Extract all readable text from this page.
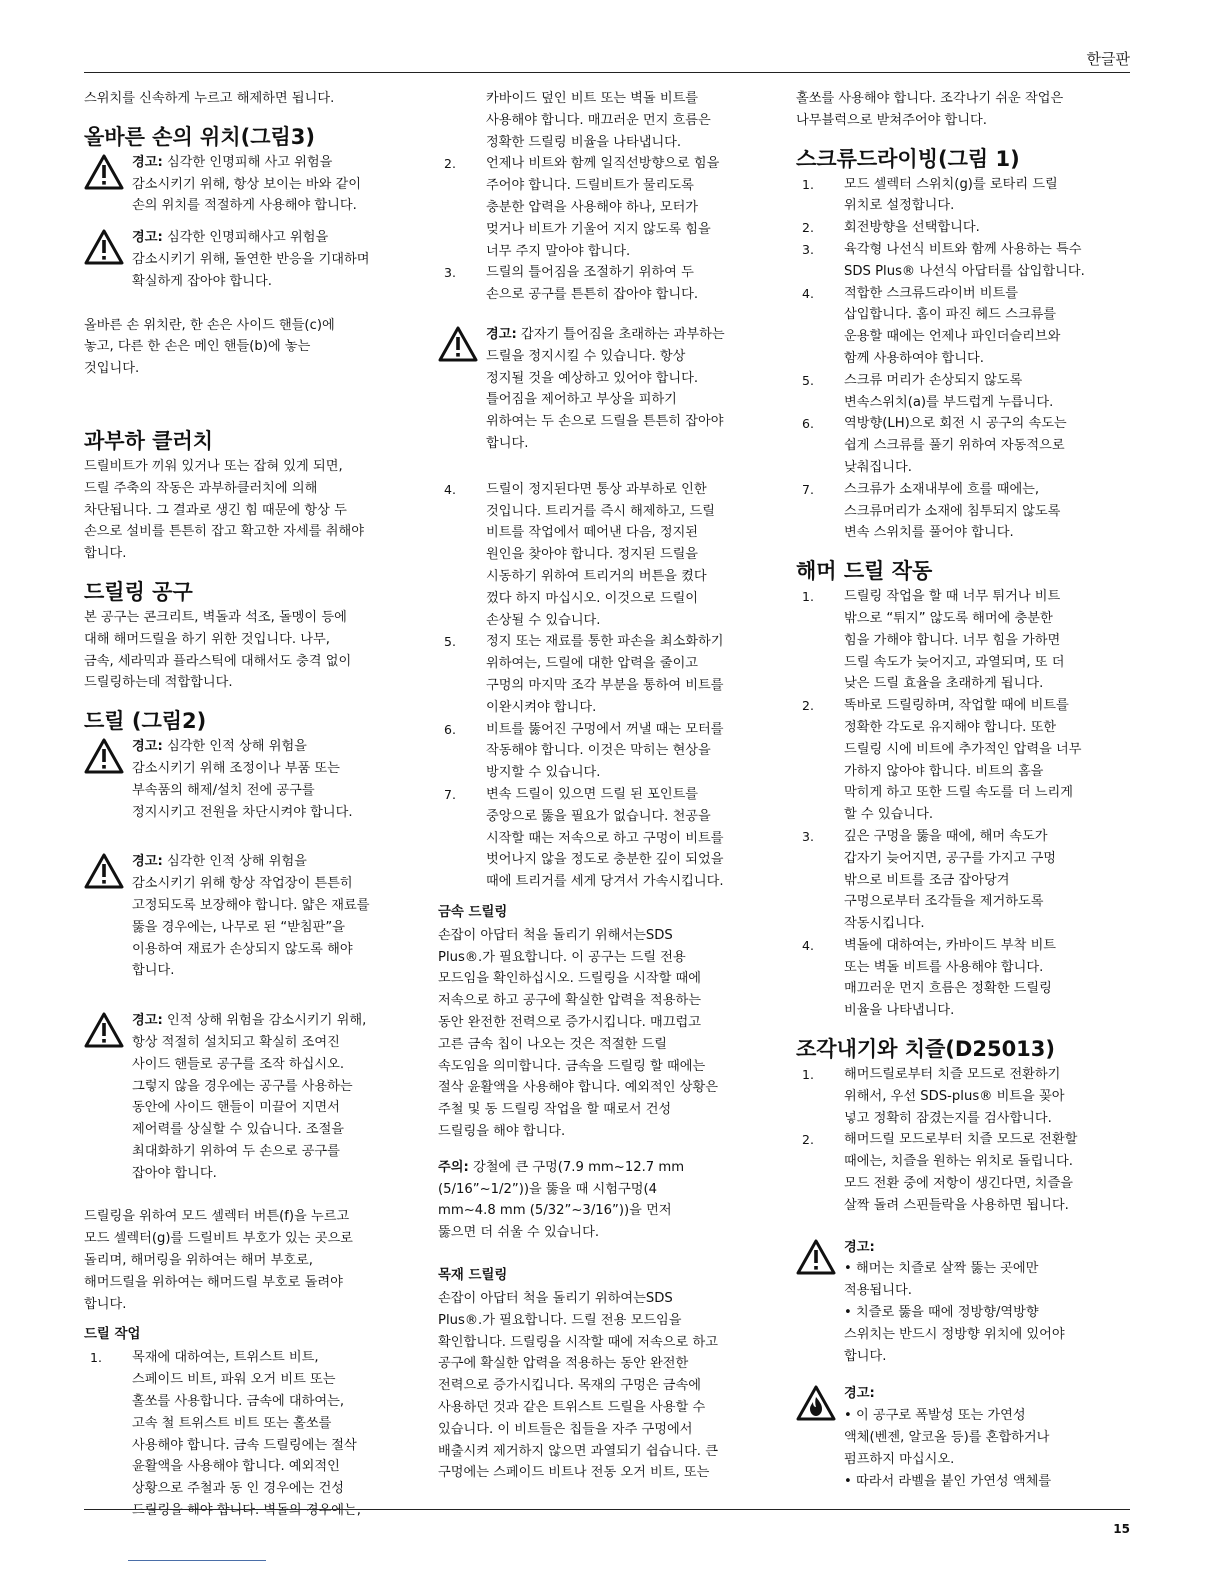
한글판

스위치를 신속하게 누르고 해제하면 됩니다.

올바른 손의 위치(그림3)
경고: 심각한 인명피해 사고 위험을
감소시키기 위해, 항상 보이는 바와 같이
손의 위치를 적절하게 사용해야 합니다.
경고: 심각한 인명피해사고 위험을
감소시키기 위해, 돌연한 반응을 기대하며
확실하게 잡아야 합니다.

올바른 손 위치란, 한 손은 사이드 핸들(c)에
놓고, 다른 한 손은 메인 핸들(b)에 놓는
것입니다.

과부하 클러치

드릴비트가 끼워 있거나 또는 잡혀 있게 되면,
드릴 주축의 작동은 과부하클러치에 의해
차단됩니다. 그 결과로 생긴 힘 때문에 항상 두
손으로 설비를 튼튼히 잡고 확고한 자세를 취해야
합니다.

드릴링 공구

본 공구는 콘크리트, 벽돌과 석조, 돌멩이 등에
대해 해머드릴을 하기 위한 것입니다. 나무,
금속, 세라믹과 플라스틱에 대해서도 충격 없이
드릴링하는데 적합합니다.

드릴 (그림2)
경고: 심각한 인적 상해 위험을
감소시키기 위해 조정이나 부품 또는
부속품의 해제/설치 전에 공구를
정지시키고 전원을 차단시켜야 합니다.
경고: 심각한 인적 상해 위험을
감소시키기 위해 항상 작업장이 튼튼히
고정되도록 보장해야 합니다. 얇은 재료를
뚫을 경우에는, 나무로 된 “받침판”을
이용하여 재료가 손상되지 않도록 해야
합니다.
경고: 인적 상해 위험을 감소시키기 위해,
항상 적절히 설치되고 확실히 조여진
사이드 핸들로 공구를 조작 하십시오.
그렇지 않을 경우에는 공구를 사용하는
동안에 사이드 핸들이 미끌어 지면서
제어력를 상실할 수 있습니다. 조절을
최대화하기 위하여 두 손으로 공구를
잡아야 합니다.

드릴링을 위하여 모드 셀렉터 버튼(f)을 누르고
모드 셀렉터(g)를 드릴비트 부호가 있는 곳으로
돌리며, 해머링을 위하여는 해머 부호로,
해머드릴을 위하여는 해머드릴 부호로 돌려야
합니다.

드릴 작업
1. 목재에 대하여는, 트위스트 비트,
스페이드 비트, 파워 오거 비트 또는
홀쏘를 사용합니다. 금속에 대하여는,
고속 철 트위스트 비트 또는 홀쏘를
사용해야 합니다. 금속 드릴링에는 절삭
윤활액을 사용해야 합니다. 예외적인
상황으로 주철과 동 인 경우에는 건성
드릴링을 해야 합니다. 벽돌의 경우에는,
카바이드 덮인 비트 또는 벽돌 비트를
사용해야 합니다. 매끄러운 먼지 흐름은
정확한 드릴링 비율을 나타냅니다.
2. 언제나 비트와 함께 일직선방향으로 힘을
주어야 합니다. 드릴비트가 물리도록
충분한 압력을 사용해야 하나, 모터가
멎거나 비트가 기울어 지지 않도록 힘을
너무 주지 말아야 합니다.
3. 드릴의 틀어짐을 조절하기 위하여 두
손으로 공구를 튼튼히 잡아야 합니다.
경고: 갑자기 틀어짐을 초래하는 과부하는
드릴을 정지시킬 수 있습니다. 항상
정지될 것을 예상하고 있어야 합니다.
틀어짐을 제어하고 부상을 피하기
위하여는 두 손으로 드릴을 튼튼히 잡아야
합니다.
4. 드릴이 정지된다면 통상 과부하로 인한
것입니다. 트리거를 즉시 해제하고, 드릴
비트를 작업에서 떼어낸 다음, 정지된
원인을 찾아야 합니다. 정지된 드릴을
시동하기 위하여 트리거의 버튼을 켰다
껐다 하지 마십시오. 이것으로 드릴이
손상될 수 있습니다.
5. 정지 또는 재료를 통한 파손을 최소화하기
위하여는, 드릴에 대한 압력을 줄이고
구멍의 마지막 조각 부분을 통하여 비트를
이완시켜야 합니다.
6. 비트를 뚫어진 구멍에서 꺼낼 때는 모터를
작동해야 합니다. 이것은 막히는 현상을
방지할 수 있습니다.
7. 변속 드릴이 있으면 드릴 된 포인트를
중앙으로 뚫을 필요가 없습니다. 천공을
시작할 때는 저속으로 하고 구멍이 비트를
벗어나지 않을 정도로 충분한 깊이 되었을
때에 트리거를 세게 당겨서 가속시킵니다.
금속 드릴링

손잡이 아답터 척을 돌리기 위해서는SDS
Plus®.가 필요합니다. 이 공구는 드릴 전용
모드임을 확인하십시오. 드릴링을 시작할 때에
저속으로 하고 공구에 확실한 압력을 적용하는
동안 완전한 전력으로 증가시킵니다. 매끄럽고
고른 금속 칩이 나오는 것은 적절한 드릴
속도임을 의미합니다. 금속을 드릴링 할 때에는
절삭 윤활액을 사용해야 합니다. 예외적인 상황은
주철 및 동 드릴링 작업을 할 때로서 건성
드릴링을 해야 합니다.

주의: 강철에 큰 구멍(7.9 mm~12.7 mm
(5/16”~1/2”))을 뚫을 때 시험구멍(4
mm~4.8 mm (5/32”~3/16”))을 먼저
뚫으면 더 쉬울 수 있습니다.

목재 드릴링

손잡이 아답터 척을 돌리기 위하여는SDS
Plus®.가 필요합니다. 드릴 전용 모드임을
확인합니다. 드릴링을 시작할 때에 저속으로 하고
공구에 확실한 압력을 적용하는 동안 완전한
전력으로 증가시킵니다. 목재의 구멍은 금속에
사용하던 것과 같은 트위스트 드릴을 사용할 수
있습니다. 이 비트들은 칩들을 자주 구멍에서
배출시켜 제거하지 않으면 과열되기 쉽습니다. 큰
구멍에는 스페이드 비트나 전동 오거 비트, 또는

홀쏘를 사용해야 합니다. 조각나기 쉬운 작업은
나무블럭으로 받쳐주어야 합니다.

스크류드라이빙(그림 1)
1. 모드 셀렉터 스위치(g)를 로타리 드릴
위치로 설정합니다.
2. 회전방향을 선택합니다.
3. 육각형 나선식 비트와 함께 사용하는 특수
SDS Plus® 나선식 아답터를 삽입합니다.
4. 적합한 스크류드라이버 비트를
삽입합니다. 홈이 파진 헤드 스크류를
운용할 때에는 언제나 파인더슬리브와
함께 사용하여야 합니다.
5. 스크류 머리가 손상되지 않도록
변속스위치(a)를 부드럽게 누릅니다.
6. 역방향(LH)으로 회전 시 공구의 속도는
쉽게 스크류를 풀기 위하여 자동적으로
낮춰집니다.
7. 스크류가 소재내부에 흐를 때에는,
스크류머리가 소재에 침투되지 않도록
변속 스위치를 풀어야 합니다.
해머 드릴 작동
1. 드릴링 작업을 할 때 너무 튀거나 비트
밖으로 “튀지” 않도록 해머에 충분한
힘을 가해야 합니다. 너무 힘을 가하면
드릴 속도가 늦어지고, 과열되며, 또 더
낮은 드릴 효율을 초래하게 됩니다.
2. 똑바로 드릴링하며, 작업할 때에 비트를
정확한 각도로 유지해야 합니다. 또한
드릴링 시에 비트에 추가적인 압력을 너무
가하지 않아야 합니다. 비트의 홈을
막히게 하고 또한 드릴 속도를 더 느리게
할 수 있습니다.
3. 깊은 구멍을 뚫을 때에, 해머 속도가
갑자기 늦어지면, 공구를 가지고 구멍
밖으로 비트를 조금 잡아당겨
구멍으로부터 조각들을 제거하도록
작동시킵니다.
4. 벽돌에 대하여는, 카바이드 부착 비트
또는 벽돌 비트를 사용해야 합니다.
매끄러운 먼지 흐름은 정확한 드릴링
비율을 나타냅니다.
조각내기와 치즐(D25013)
1. 해머드릴로부터 치즐 모드로 전환하기
위해서, 우선 SDS-plus® 비트을 꽂아
넣고 정확히 잠겼는지를 검사합니다.
2. 해머드릴 모드로부터 치즐 모드로 전환할
때에는, 치즐을 원하는 위치로 돌립니다.
모드 전환 중에 저항이 생긴다면, 치즐을
살짝 돌려 스핀들락을 사용하면 됩니다.
경고:
• 해머는 치즐로 살짝 뚫는 곳에만
적용됩니다.
• 치즐로 뚫을 때에 정방향/역방향
스위치는 반드시 정방향 위치에 있어야
합니다.
경고:
• 이 공구로 폭발성 또는 가연성
액체(벤젠, 알코올 등)를 혼합하거나
펌프하지 마십시오.
• 따라서 라벨을 붙인 가연성 액체를
15
